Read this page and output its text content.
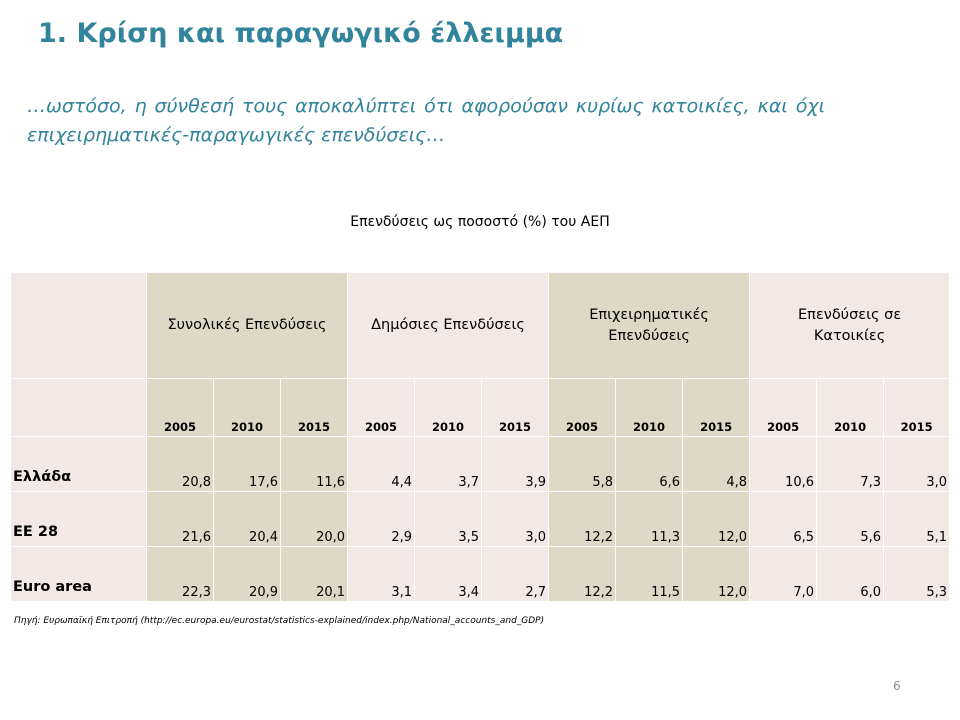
1. Κρίση και παραγωγικό έλλειμμα
…ωστόσο, η σύνθεσή τους αποκαλύπτει ότι αφορούσαν κυρίως κατοικίες, και όχι επιχειρηματικές-παραγωγικές επενδύσεις…
Επενδύσεις ως ποσοστό (%) του ΑΕΠ
	Συνολικές Επενδύσεις			Δημόσιες Επενδύσεις			Επιχειρηματικές Επενδύσεις			Επενδύσεις σε Κατοικίες		
	2005	2010	2015	2005	2010	2015	2005	2010	2015	2005	2010	2015
Ελλάδα	20,8	17,6	11,6	4,4	3,7	3,9	5,8	6,6	4,8	10,6	7,3	3,0
ΕΕ 28	21,6	20,4	20,0	2,9	3,5	3,0	12,2	11,3	12,0	6,5	5,6	5,1
Euro area	22,3	20,9	20,1	3,1	3,4	2,7	12,2	11,5	12,0	7,0	6,0	5,3
Πηγή: Ευρωπαϊκή Επιτροπή (http://ec.europa.eu/eurostat/statistics-explained/index.php/National_accounts_and_GDP)
6
